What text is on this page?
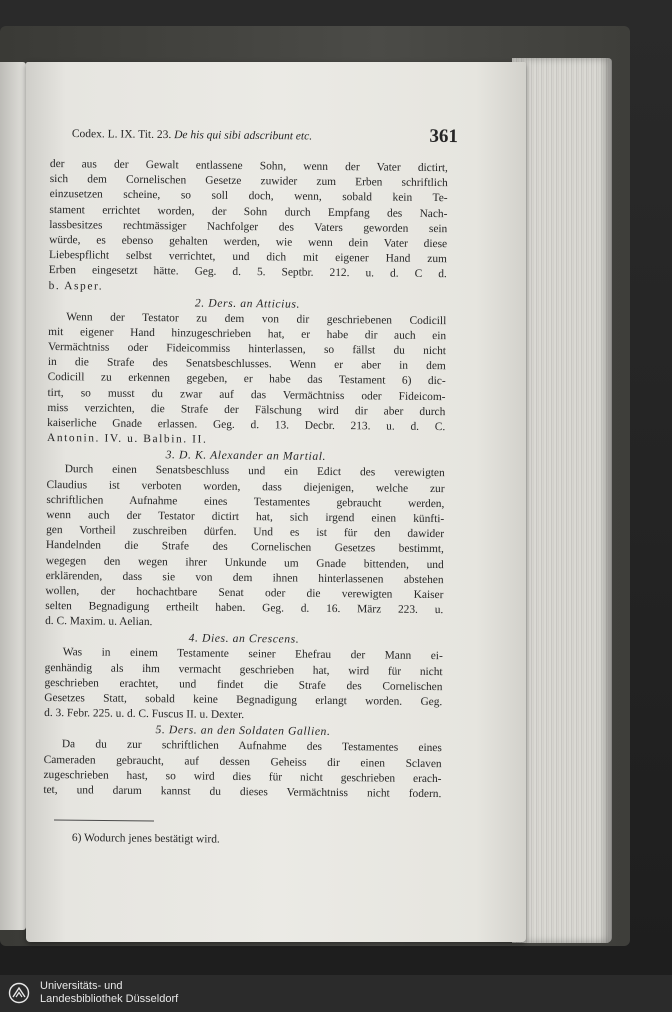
Codex. L. IX. Tit. 23. De his qui sibi adscribunt etc.	361
der aus der Gewalt entlassene Sohn, wenn der Vater dictirt,
sich dem Cornelischen Gesetze zuwider zum Erben schriftlich
einzusetzen scheine, so soll doch, wenn, sobald kein Te-
stament errichtet worden, der Sohn durch Empfang des Nach-
lassbesitzes rechtmässiger Nachfolger des Vaters geworden sein
würde, es ebenso gehalten werden, wie wenn dein Vater diese
Liebespflicht selbst verrichtet, und dich mit eigener Hand zum
Erben eingesetzt hätte. Geg. d. 5. Septbr. 212. u. d. C d.
b. Asper.
2. Ders. an Atticius.
Wenn der Testator zu dem von dir geschriebenen Codicill
mit eigener Hand hinzugeschrieben hat, er habe dir auch ein
Vermächtniss oder Fideicommiss hinterlassen, so fällst du nicht
in die Strafe des Senatsbeschlusses. Wenn er aber in dem
Codicill zu erkennen gegeben, er habe das Testament 6) dic-
tirt, so musst du zwar auf das Vermächtniss oder Fideicom-
miss verzichten, die Strafe der Fälschung wird dir aber durch
kaiserliche Gnade erlassen. Geg. d. 13. Decbr. 213. u. d. C.
Antonin. IV. u. Balbin. II.
3. D. K. Alexander an Martial.
Durch einen Senatsbeschluss und ein Edict des verewigten
Claudius ist verboten worden, dass diejenigen, welche zur
schriftlichen Aufnahme eines Testamentes gebraucht werden,
wenn auch der Testator dictirt hat, sich irgend einen künfti-
gen Vortheil zuschreiben dürfen. Und es ist für den dawider
Handelnden die Strafe des Cornelischen Gesetzes bestimmt,
wegegen den wegen ihrer Unkunde um Gnade bittenden, und
erklärenden, dass sie von dem ihnen hinterlassenen abstehen
wollen, der hochachtbare Senat oder die verewigten Kaiser
selten Begnadigung ertheilt haben. Geg. d. 16. März 223. u.
d. C. Maxim. u. Aelian.
4. Dies. an Crescens.
Was in einem Testamente seiner Ehefrau der Mann ei-
genhändig als ihm vermacht geschrieben hat, wird für nicht
geschrieben erachtet, und findet die Strafe des Cornelischen
Gesetzes Statt, sobald keine Begnadigung erlangt worden. Geg.
d. 3. Febr. 225. u. d. C. Fuscus II. u. Dexter.
5. Ders. an den Soldaten Gallien.
Da du zur schriftlichen Aufnahme des Testamentes eines
Cameraden gebraucht, auf dessen Geheiss dir einen Sclaven
zugeschrieben hast, so wird dies für nicht geschrieben erach-
tet, und darum kannst du dieses Vermächtniss nicht fodern.
6) Wodurch jenes bestätigt wird.
Universitäts- und
Landesbibliothek Düsseldorf
